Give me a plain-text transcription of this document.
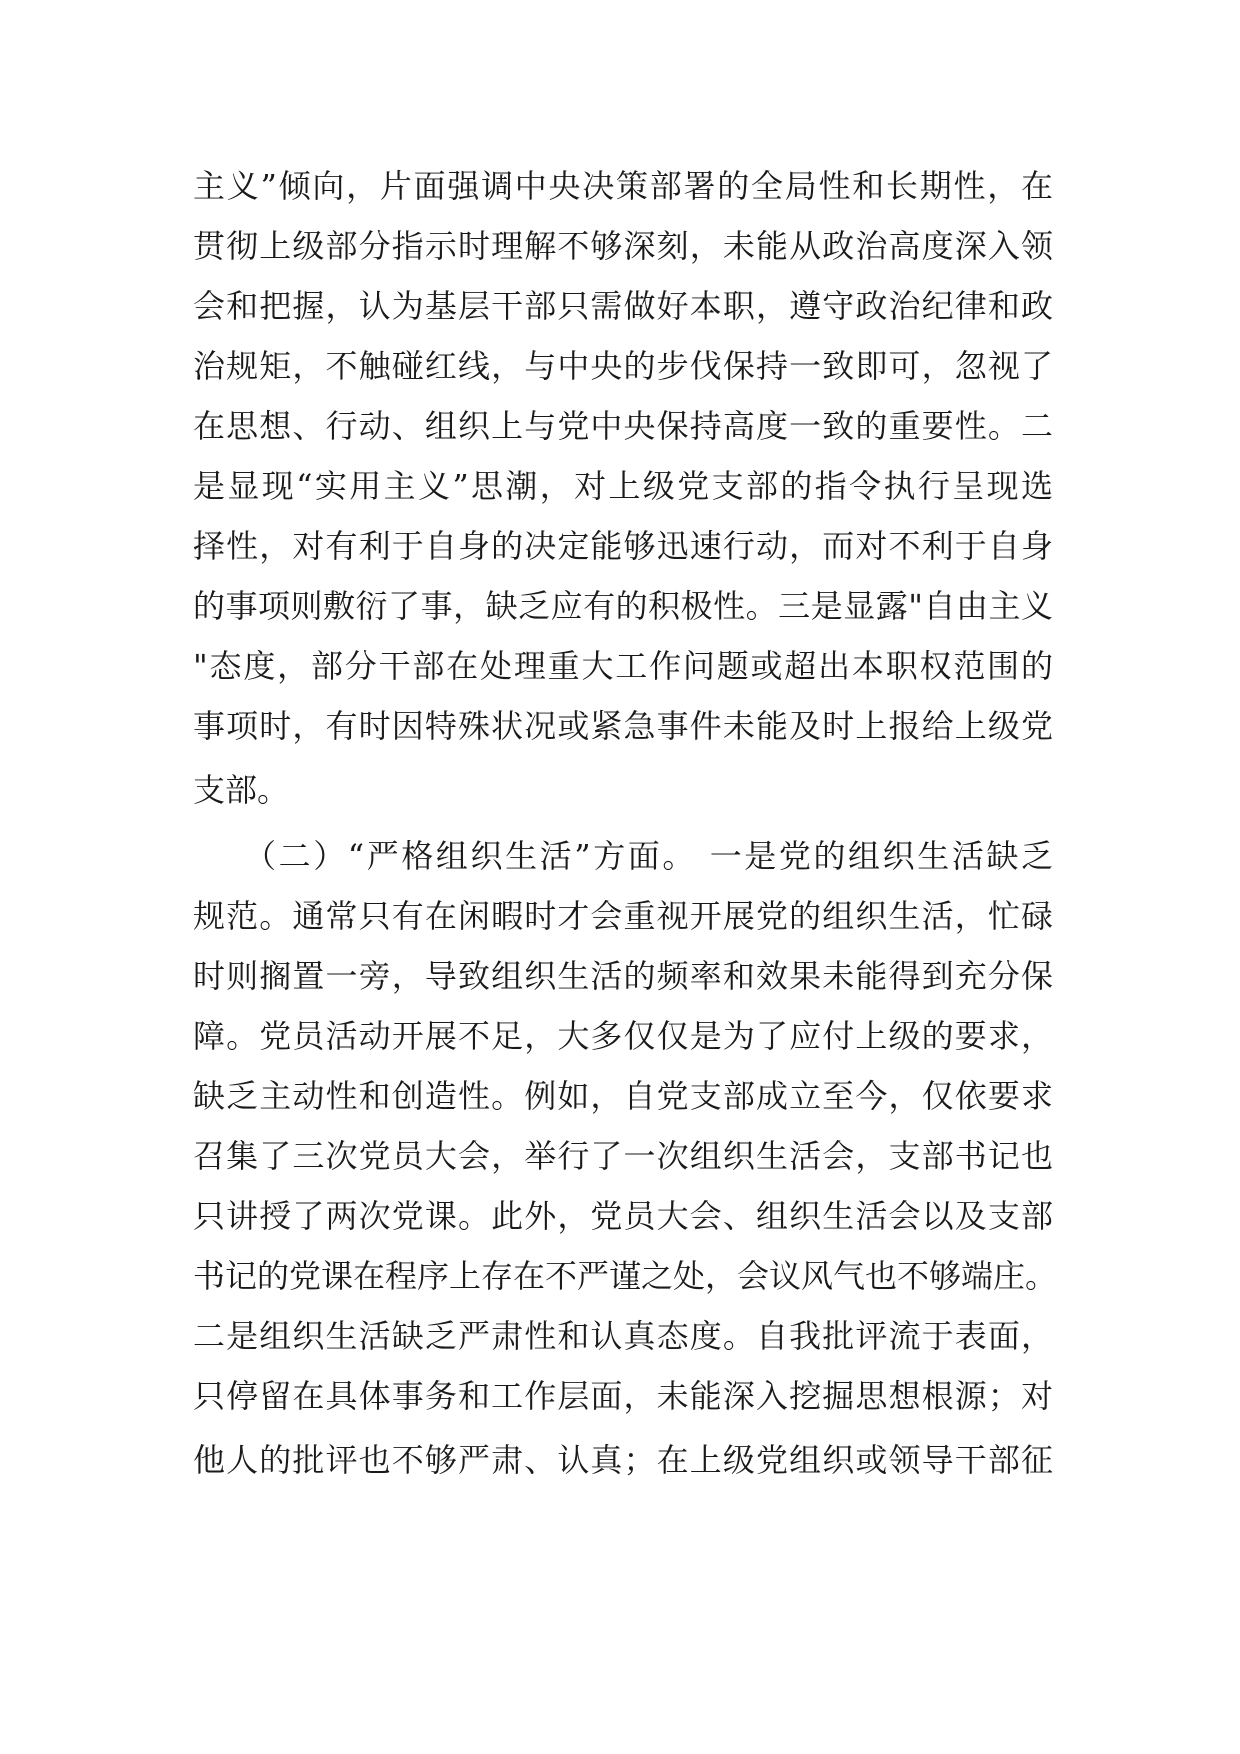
主义”倾向，片面强调中央决策部署的全局性和长期性，在
贯彻上级部分指示时理解不够深刻，未能从政治高度深入领
会和把握，认为基层干部只需做好本职，遵守政治纪律和政
治规矩，不触碰红线，与中央的步伐保持一致即可，忽视了
在思想、行动、组织上与党中央保持高度一致的重要性。二
是显现“实用主义”思潮，对上级党支部的指令执行呈现选
择性，对有利于自身的决定能够迅速行动，而对不利于自身
的事项则敷衍了事，缺乏应有的积极性。三是显露"自由主义
"态度，部分干部在处理重大工作问题或超出本职权范围的
事项时，有时因特殊状况或紧急事件未能及时上报给上级党
支部。
（二）“严格组织生活”方面。 一是党的组织生活缺乏
规范。通常只有在闲暇时才会重视开展党的组织生活，忙碌
时则搁置一旁，导致组织生活的频率和效果未能得到充分保
障。党员活动开展不足，大多仅仅是为了应付上级的要求，
缺乏主动性和创造性。例如，自党支部成立至今，仅依要求
召集了三次党员大会，举行了一次组织生活会，支部书记也
只讲授了两次党课。此外，党员大会、组织生活会以及支部
书记的党课在程序上存在不严谨之处，会议风气也不够端庄。
二是组织生活缺乏严肃性和认真态度。自我批评流于表面，
只停留在具体事务和工作层面，未能深入挖掘思想根源；对
他人的批评也不够严肃、认真；在上级党组织或领导干部征
